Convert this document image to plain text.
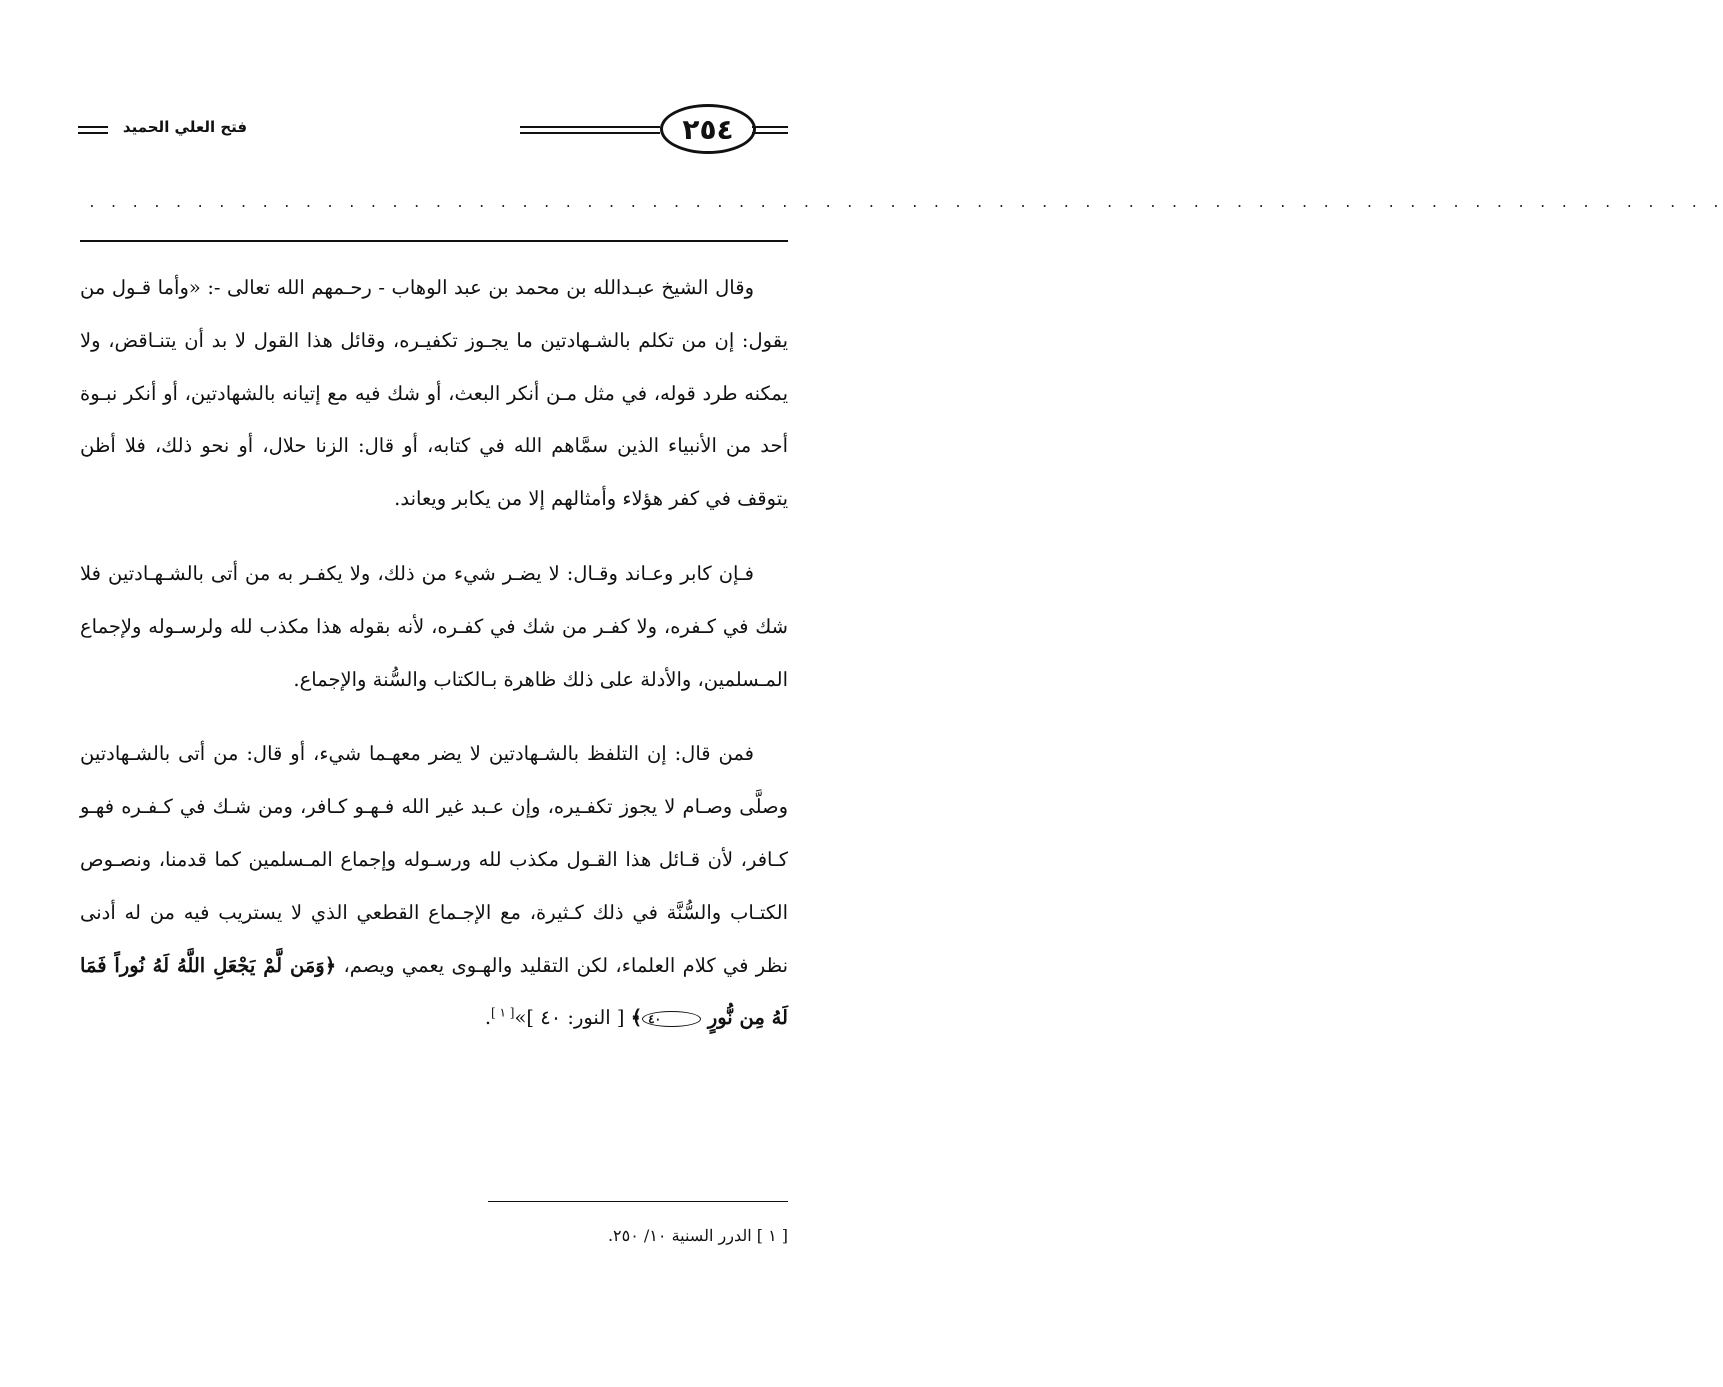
فتح العلي الحميد	٢٥٤
. . . . . . . . . . . . . . . . . . . . . . . . . . . . . . . . . . . . . . . . . . . . . . . . . . . . . . . . . . . . . . . . . . . . . . . . . . . .

وقال الشيخ عبـدالله بن محمد بن عبد الوهاب - رحـمهم الله تعالى -: «وأما قـول من يقول: إن من تكلم بالشـهادتين ما يجـوز تكفيـره، وقائل هذا القول لا بد أن يتنـاقض، ولا يمكنه طرد قوله، في مثل مـن أنكر البعث، أو شك فيه مع إتيانه بالشهادتين، أو أنكر نبـوة أحد من الأنبياء الذين سمَّاهم الله في كتابه، أو قال: الزنا حلال، أو نحو ذلك، فلا أظن يتوقف في كفر هؤلاء وأمثالهم إلا من يكابر ويعاند.

فـإن كابر وعـاند وقـال: لا يضـر شيء من ذلك، ولا يكفـر به من أتى بالشـهـادتين فلا شك في كـفره، ولا كفـر من شك في كفـره، لأنه بقوله هذا مكذب لله ولرسـوله ولإجماع المـسلمين، والأدلة على ذلك ظاهرة بـالكتاب والسُّنة والإجماع.

فمن قال: إن التلفظ بالشـهادتين لا يضر معهـما شيء، أو قال: من أتى بالشـهادتين وصلَّى وصـام لا يجوز تكفـيره، وإن عـبد غير الله فـهـو كـافر، ومن شـك في كـفـره فهـو كـافر، لأن قـائل هذا القـول مكذب لله ورسـوله وإجماع المـسلمين كما قدمنا، ونصـوص الكتـاب والسُّنَّة في ذلك كـثيرة، مع الإجـماع القطعي الذي لا يستريب فيه من له أدنى نظر في كلام العلماء، لكن التقليد والهـوى يعمي ويصم، ﴿وَمَن لَّمْ يَجْعَلِ اللَّهُ لَهُ نُوراً فَمَا لَهُ مِن نُّورٍ ٤٠﴾ [ النور: ٤٠ ]»[ ١ ].

[ ١ ] الدرر السنية ١٠/ ٢٥٠.
